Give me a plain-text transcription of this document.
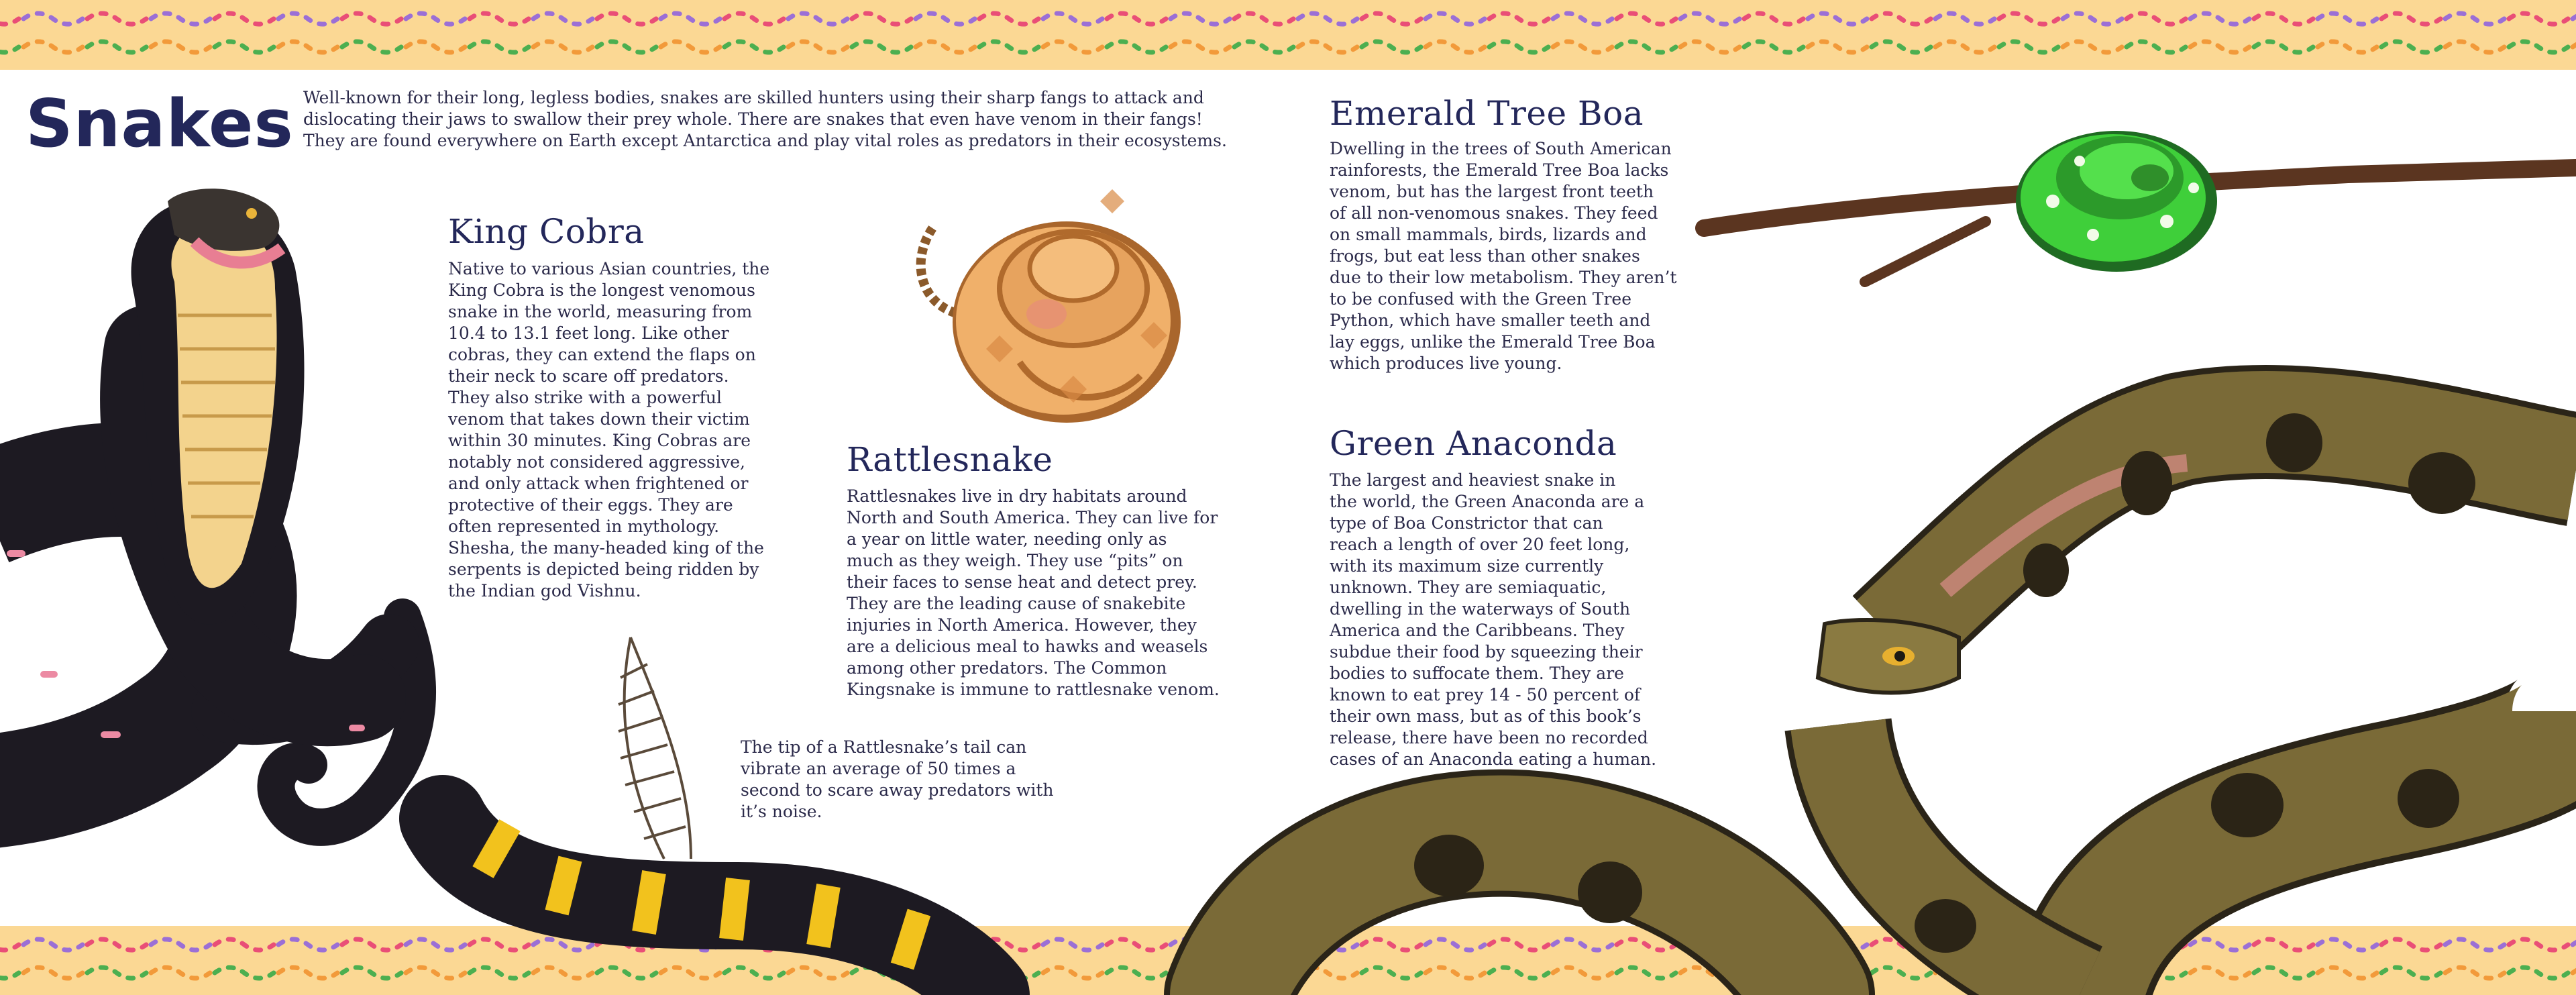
Snakes Well-known for their long, legless bodies, snakes are skilled hunters using their sharp fangs to attack and dislocating their jaws to swallow their prey whole. There are snakes that even have venom in their fangs! They are found everywhere on Earth except Antarctica and play vital roles as predators in their ecosystems.
King Cobra
Native to various Asian countries, the
King Cobra is the longest venomous
snake in the world, measuring from
10.4 to 13.1 feet long. Like other
cobras, they can extend the flaps on
their neck to scare off predators.
They also strike with a powerful
venom that takes down their victim
within 30 minutes. King Cobras are
notably not considered aggressive,
and only attack when frightened or
protective of their eggs. They are
often represented in mythology.
Shesha, the many-headed king of the
serpents is depicted being ridden by
the Indian god Vishnu.
Rattlesnake
Rattlesnakes live in dry habitats around
North and South America. They can live for
a year on little water, needing only as
much as they weigh. They use “pits” on
their faces to sense heat and detect prey.
They are the leading cause of snakebite
injuries in North America. However, they
are a delicious meal to hawks and weasels
among other predators. The Common
Kingsnake is immune to rattlesnake venom.
The tip of a Rattlesnake’s tail can
vibrate an average of 50 times a
second to scare away predators with
it’s noise.
Emerald Tree Boa
Dwelling in the trees of South American
rainforests, the Emerald Tree Boa lacks
venom, but has the largest front teeth
of all non-venomous snakes. They feed
on small mammals, birds, lizards and
frogs, but eat less than other snakes
due to their low metabolism. They aren’t
to be confused with the Green Tree
Python, which have smaller teeth and
lay eggs, unlike the Emerald Tree Boa
which produces live young.
Green Anaconda
The largest and heaviest snake in
the world, the Green Anaconda are a
type of Boa Constrictor that can
reach a length of over 20 feet long,
with its maximum size currently
unknown. They are semiaquatic,
dwelling in the waterways of South
America and the Caribbeans. They
subdue their food by squeezing their
bodies to suffocate them. They are
known to eat prey 14 - 50 percent of
their own mass, but as of this book’s
release, there have been no recorded
cases of an Anaconda eating a human.
